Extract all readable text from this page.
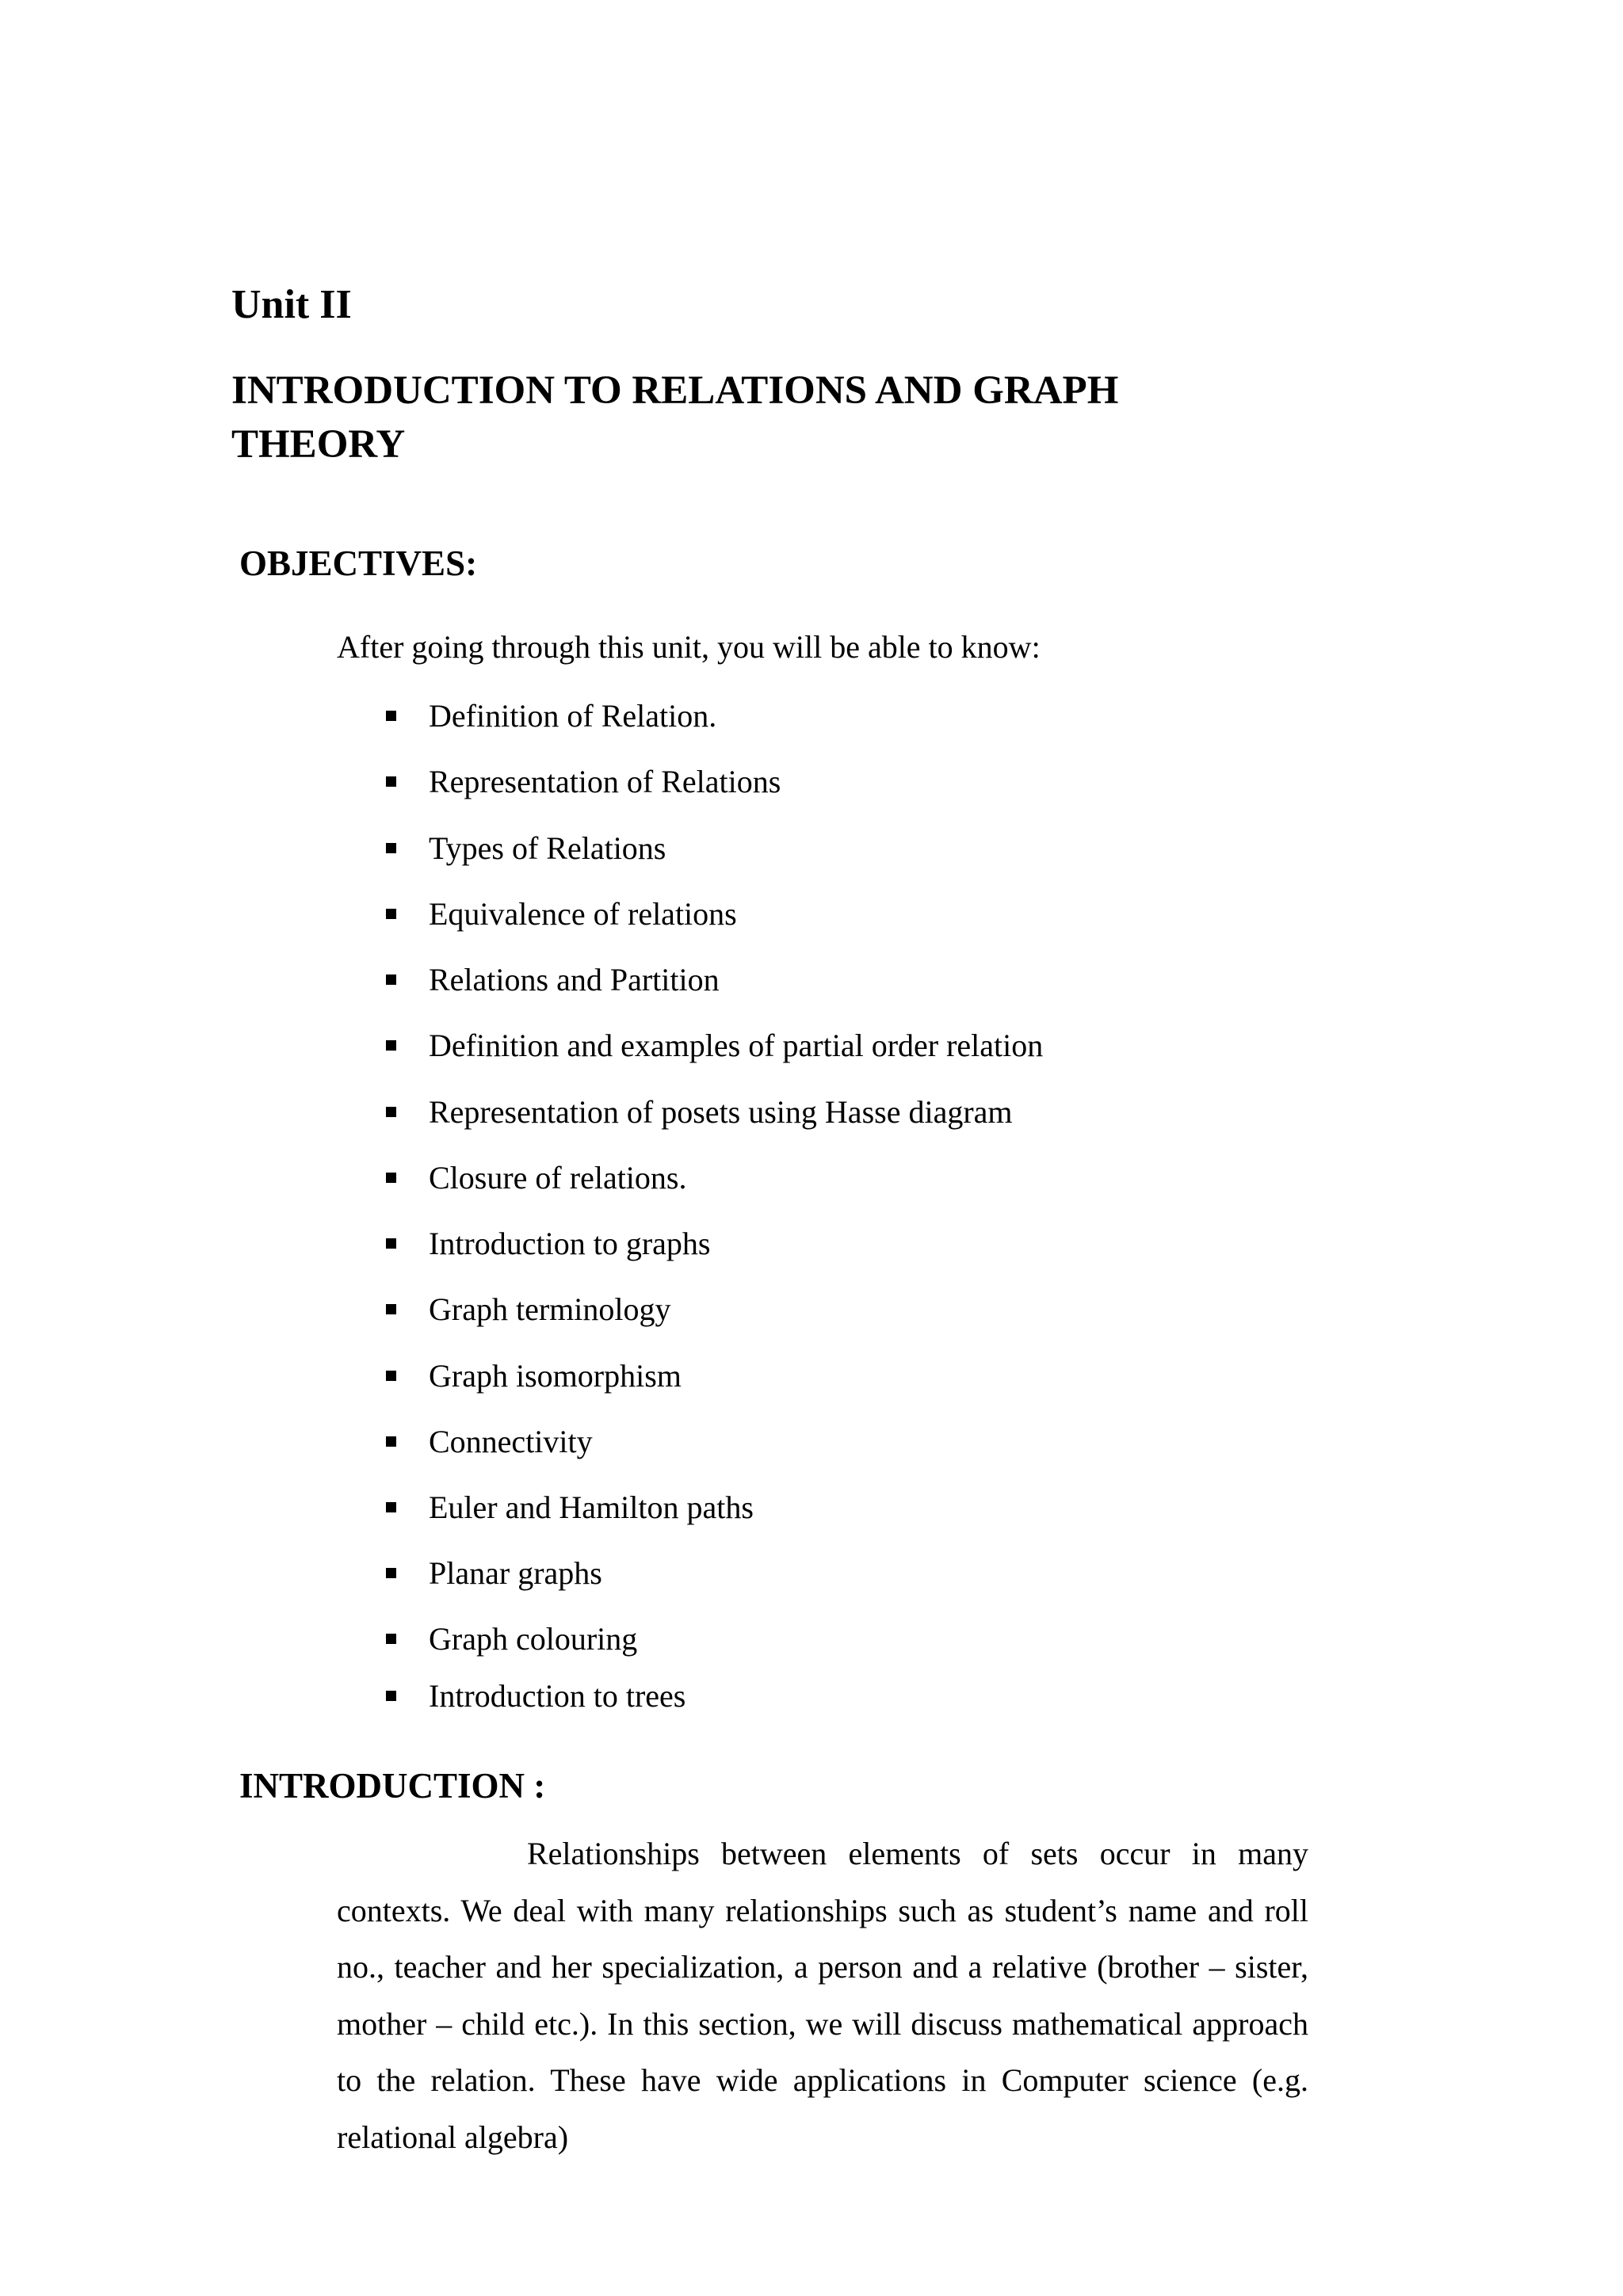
Unit II
INTRODUCTION TO RELATIONS AND GRAPH THEORY
OBJECTIVES:

After going through this unit, you will be able to know:

Definition of Relation.
Representation of Relations
Types of Relations
Equivalence of relations
Relations and Partition
Definition and examples of partial order relation
Representation of posets using Hasse diagram
Closure of relations.
Introduction to graphs
Graph terminology
Graph isomorphism
Connectivity
Euler and Hamilton paths
Planar graphs
Graph colouring
Introduction to trees
INTRODUCTION :

Relationships between elements of sets occur in many contexts. We deal with many relationships such as student’s name and roll no., teacher and her specialization, a person and a relative (brother – sister, mother – child etc.). In this section, we will discuss mathematical approach to the relation. These have wide applications in Computer science (e.g. relational algebra)
